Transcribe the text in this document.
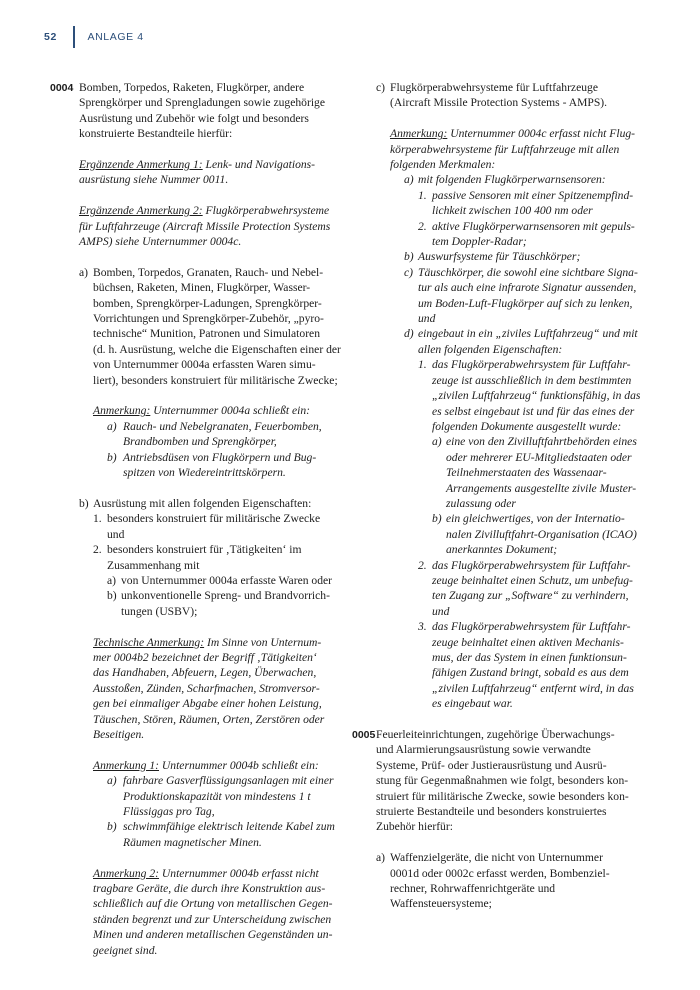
52	ANLAGE 4
0004 Bomben, Torpedos, Raketen, Flugkörper, andere
Sprengkörper und Sprengladungen sowie zugehörige
Ausrüstung und Zubehör wie folgt und besonders
konstruierte Bestandteile hierfür:
Ergänzende Anmerkung 1: Lenk- und Navigations-
ausrüstung siehe Nummer 0011.
Ergänzende Anmerkung 2: Flugkörperabwehrsysteme
für Luftfahrzeuge (Aircraft Missile Protection Systems
AMPS) siehe Unternummer 0004c.
a) Bomben, Torpedos, Granaten, Rauch- und Nebel-
büchsen, Raketen, Minen, Flugkörper, Wasser-
bomben, Sprengkörper-Ladungen, Sprengkörper-
Vorrichtungen und Sprengkörper-Zubehör, „pyro-
technische“ Munition, Patronen und Simulatoren
(d. h. Ausrüstung, welche die Eigenschaften einer der
von Unternummer 0004a erfassten Waren simu-
liert), besonders konstruiert für militärische Zwecke;
Anmerkung: Unternummer 0004a schließt ein:
a) Rauch- und Nebelgranaten, Feuerbomben,
Brandbomben und Sprengkörper,
b) Antriebsdüsen von Flugkörpern und Bug-
spitzen von Wiedereintrittskörpern.
b) Ausrüstung mit allen folgenden Eigenschaften:
1. besonders konstruiert für militärische Zwecke
und
2. besonders konstruiert für ‚Tätigkeiten‘ im
Zusammenhang mit
a) von Unternummer 0004a erfasste Waren oder
b) unkonventionelle Spreng- und Brandvorrich-
tungen (USBV);
Technische Anmerkung: Im Sinne von Unternum-
mer 0004b2 bezeichnet der Begriff ‚Tätigkeiten‘
das Handhaben, Abfeuern, Legen, Überwachen,
Ausstoßen, Zünden, Scharfmachen, Stromversor-
gen bei einmaliger Abgabe einer hohen Leistung,
Täuschen, Stören, Räumen, Orten, Zerstören oder
Beseitigen.
Anmerkung 1: Unternummer 0004b schließt ein:
a) fahrbare Gasverflüssigungsanlagen mit einer
Produktionskapazität von mindestens 1 t
Flüssiggas pro Tag,
b) schwimmfähige elektrisch leitende Kabel zum
Räumen magnetischer Minen.
Anmerkung 2: Unternummer 0004b erfasst nicht
tragbare Geräte, die durch ihre Konstruktion aus-
schließlich auf die Ortung von metallischen Gegen-
ständen begrenzt und zur Unterscheidung zwischen
Minen und anderen metallischen Gegenständen un-
geeignet sind.
c) Flugkörperabwehrsysteme für Luftfahrzeuge
(Aircraft Missile Protection Systems - AMPS).
Anmerkung: Unternummer 0004c erfasst nicht Flug-
körperabwehrsysteme für Luftfahrzeuge mit allen
folgenden Merkmalen:
a) mit folgenden Flugkörperwarnsensoren:
1. passive Sensoren mit einer Spitzenempfind-
lichkeit zwischen 100 400 nm oder
2. aktive Flugkörperwarnsensoren mit gepuls-
tem Doppler-Radar;
b) Auswurfsysteme für Täuschkörper;
c) Täuschkörper, die sowohl eine sichtbare Signa-
tur als auch eine infrarote Signatur aussenden,
um Boden-Luft-Flugkörper auf sich zu lenken,
und
d) eingebaut in ein „ziviles Luftfahrzeug“ und mit
allen folgenden Eigenschaften:
1. das Flugkörperabwehrsystem für Luftfahr-
zeuge ist ausschließlich in dem bestimmten
„zivilen Luftfahrzeug“ funktionsfähig, in das
es selbst eingebaut ist und für das eines der
folgenden Dokumente ausgestellt wurde:
a) eine von den Zivilluftfahrtbehörden eines
oder mehrerer EU-Mitgliedstaaten oder
Teilnehmerstaaten des Wassenaar-
Arrangements ausgestellte zivile Muster-
zulassung oder
b) ein gleichwertiges, von der Internatio-
nalen Zivilluftfahrt-Organisation (ICAO)
anerkanntes Dokument;
2. das Flugkörperabwehrsystem für Luftfahr-
zeuge beinhaltet einen Schutz, um unbefug-
ten Zugang zur „Software“ zu verhindern,
und
3. das Flugkörperabwehrsystem für Luftfahr-
zeuge beinhaltet einen aktiven Mechanis-
mus, der das System in einen funktionsun-
fähigen Zustand bringt, sobald es aus dem
„zivilen Luftfahrzeug“ entfernt wird, in das
es eingebaut war.
0005 Feuerleiteinrichtungen, zugehörige Überwachungs-
und Alarmierungsausrüstung sowie verwandte
Systeme, Prüf- oder Justierausrüstung und Ausrü-
stung für Gegenmaßnahmen wie folgt, besonders kon-
struiert für militärische Zwecke, sowie besonders kon-
struierte Bestandteile und besonders konstruiertes
Zubehör hierfür:
a) Waffenzielgeräte, die nicht von Unternummer
0001d oder 0002c erfasst werden, Bombenziel-
rechner, Rohrwaffenrichtgeräte und
Waffensteuersysteme;
